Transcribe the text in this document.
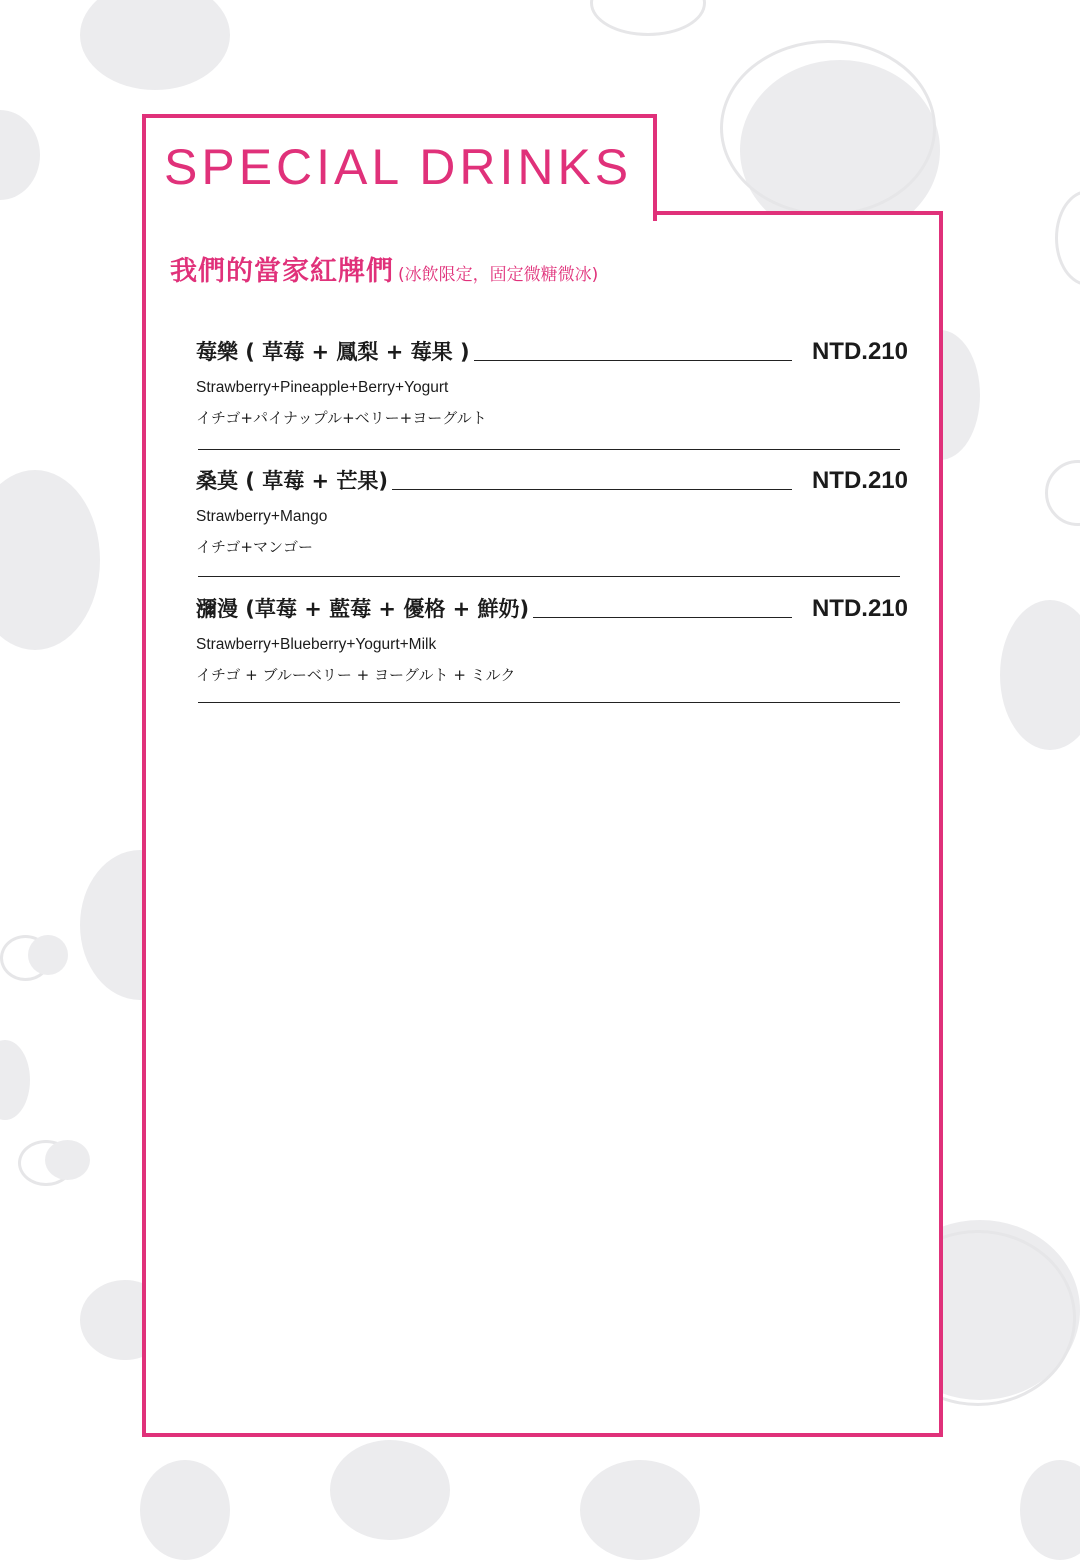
SPECIAL DRINKS
我們的當家紅牌們 (冰飲限定，固定微糖微冰)
莓樂 ( 草莓 + 鳳梨 + 莓果 )	NTD.210
Strawberry+Pineapple+Berry+Yogurt
イチゴ+パイナップル+ベリー+ヨーグルト
桑莫 ( 草莓 + 芒果)	NTD.210
Strawberry+Mango
イチゴ+マンゴー
瀰漫 (草莓 + 藍莓 + 優格 + 鮮奶)	NTD.210
Strawberry+Blueberry+Yogurt+Milk
イチゴ + ブルーベリー + ヨーグルト + ミルク
